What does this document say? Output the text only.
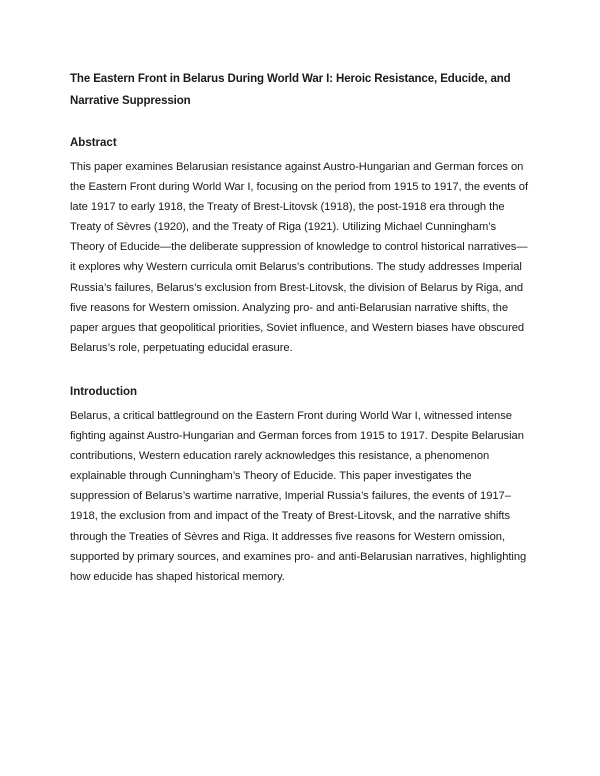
The Eastern Front in Belarus During World War I: Heroic Resistance, Educide, and Narrative Suppression
Abstract

This paper examines Belarusian resistance against Austro-Hungarian and German forces on the Eastern Front during World War I, focusing on the period from 1915 to 1917, the events of late 1917 to early 1918, the Treaty of Brest-Litovsk (1918), the post-1918 era through the Treaty of Sèvres (1920), and the Treaty of Riga (1921). Utilizing Michael Cunningham’s Theory of Educide—the deliberate suppression of knowledge to control historical narratives—it explores why Western curricula omit Belarus’s contributions. The study addresses Imperial Russia’s failures, Belarus’s exclusion from Brest-Litovsk, the division of Belarus by Riga, and five reasons for Western omission. Analyzing pro- and anti-Belarusian narrative shifts, the paper argues that geopolitical priorities, Soviet influence, and Western biases have obscured Belarus’s role, perpetuating educidal erasure.

Introduction

Belarus, a critical battleground on the Eastern Front during World War I, witnessed intense fighting against Austro-Hungarian and German forces from 1915 to 1917. Despite Belarusian contributions, Western education rarely acknowledges this resistance, a phenomenon explainable through Cunningham’s Theory of Educide. This paper investigates the suppression of Belarus’s wartime narrative, Imperial Russia’s failures, the events of 1917–1918, the exclusion from and impact of the Treaty of Brest-Litovsk, and the narrative shifts through the Treaties of Sèvres and Riga. It addresses five reasons for Western omission, supported by primary sources, and examines pro- and anti-Belarusian narratives, highlighting how educide has shaped historical memory.
